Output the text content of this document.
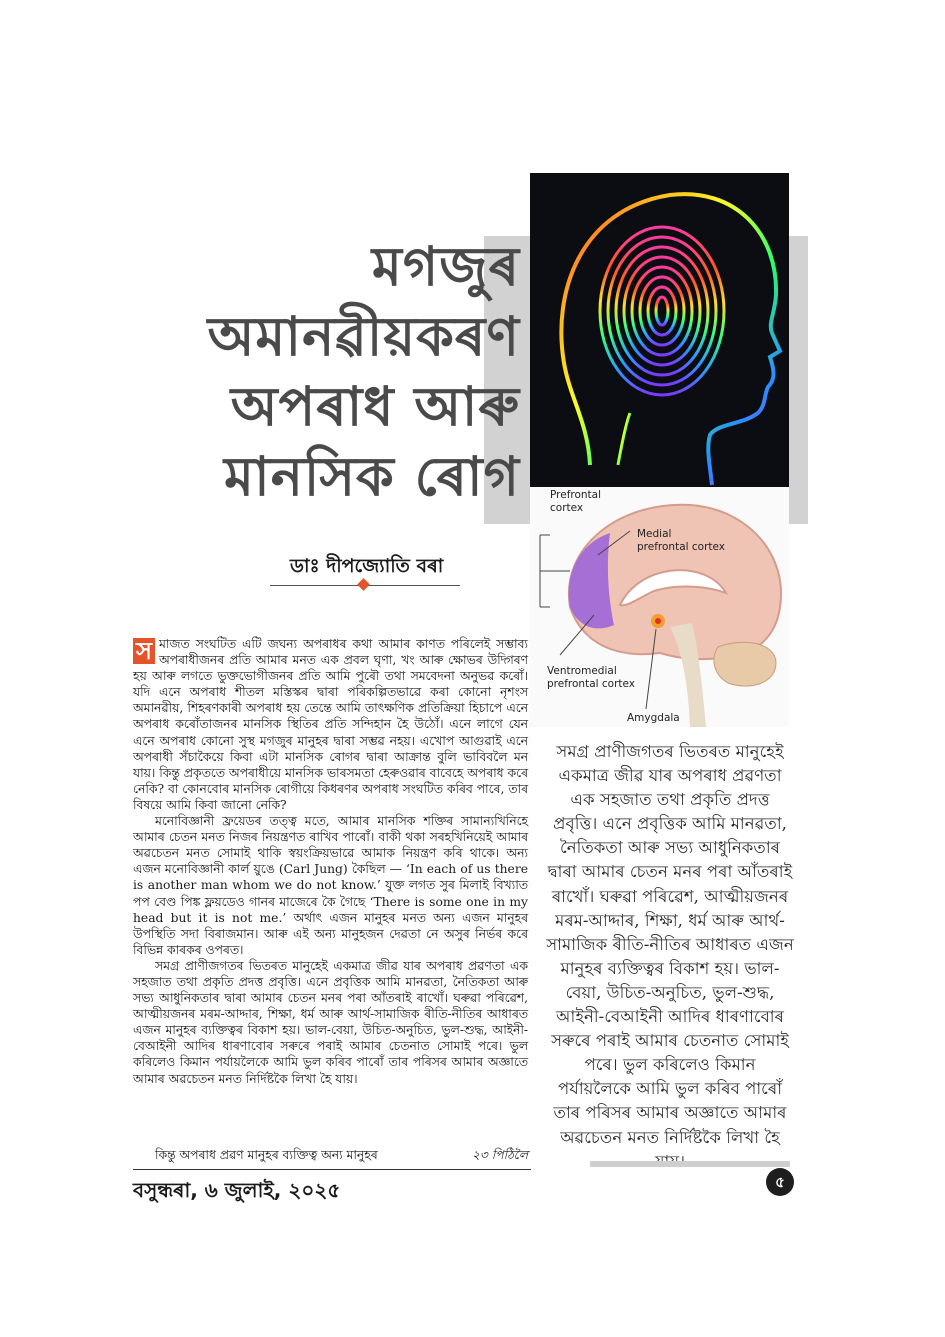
Prefrontal
cortex
Medial
prefrontal cortex
Ventromedial
prefrontal cortex
Amygdala
মগজুৰ
অমানৱীয়কৰণ
অপৰাধ আৰু
মানসিক ৰোগ
ডাঃ দীপজ্যোতি বৰা

স মাজত সংঘটিত এটি জঘন্য অপৰাধৰ কথা আমাৰ কাণত পৰিলেই সম্ভাব্য অপৰাধীজনৰ প্ৰতি আমাৰ মনত এক প্ৰবল ঘৃণা, খং আৰু ক্ষোভৰ উদ্গিৰণ হয় আৰু লগতে ভুক্তভোগীজনৰ প্ৰতি আমি পুৰৌ তথা সমবেদনা অনুভৱ কৰোঁ। যদি এনে অপৰাধ শীতল মস্তিস্কৰ দ্বাৰা পৰিকল্পিতভাৱে কৰা কোনো নৃশংস অমানৱীয়, শিহৰণকাৰী অপৰাধ হয় তেন্তে আমি তাৎক্ষণিক প্ৰতিক্ৰিয়া হিচাপে এনে অপৰাধ কৰোঁতাজনৰ মানসিক স্থিতিৰ প্ৰতি সন্দিহান হৈ উঠোঁ। এনে লাগে যেন এনে অপৰাধ কোনো সুস্থ মগজুৰ মানুহৰ দ্বাৰা সম্ভৱ নহয়। এখোপ আগুৱাই এনে অপৰাধী সঁচাকৈয়ে কিবা এটা মানসিক ৰোগৰ দ্বাৰা আক্ৰান্ত বুলি ভাবিবলৈ মন যায়। কিন্তু প্ৰকৃততে অপৰাধীয়ে মানসিক ভাৰসমতা হেৰুওৱাৰ বাবেহে অপৰাধ কৰে নেকি? বা কোনবোৰ মানসিক ৰোগীয়ে কিধৰণৰ অপৰাধ সংঘটিত কৰিব পাৰে, তাৰ বিষয়ে আমি কিবা জানো নেকি?

মনোবিজ্ঞানী ফ্ৰয়েডৰ তত্ত্ব মতে, আমাৰ মানসিক শক্তিৰ সামান্যখিনিহে আমাৰ চেতন মনত নিজৰ নিয়ন্ত্ৰণত ৰাখিব পাৰোঁ। বাকী থকা সৰহখিনিয়েই আমাৰ অৱচেতন মনত সোমাই থাকি স্বয়ংক্ৰিয়ভাৱে আমাক নিয়ন্ত্ৰণ কৰি থাকে। অন্য এজন মনোবিজ্ঞানী কাৰ্ল য়ুঙে (Carl Jung) কৈছিল — ‘In each of us there is another man whom we do not know.’ যুক্ত লগত সুৰ মিলাই বিখ্যাত পপ বেণ্ড পিঙ্ক ফ্লয়ডেও গানৰ মাজেৰে কৈ গৈছে ‘There is some one in my head but it is not me.’ অৰ্থাৎ এজন মানুহৰ মনত অন্য এজন মানুহৰ উপস্থিতি সদা বিৰাজমান। আৰু এই অন্য মানুহজন দেৱতা নে অসুৰ নিৰ্ভৰ কৰে বিভিন্ন কাৰকৰ ওপৰত।

সমগ্ৰ প্ৰাণীজগতৰ ভিতৰত মানুহেই একমাত্ৰ জীৱ যাৰ অপৰাধ প্ৰৱণতা এক সহজাত তথা প্ৰকৃতি প্ৰদত্ত প্ৰবৃত্তি। এনে প্ৰবৃত্তিক আমি মানৱতা, নৈতিকতা আৰু সভ্য আধুনিকতাৰ দ্বাৰা আমাৰ চেতন মনৰ পৰা আঁতৰাই ৰাখোঁ। ঘৰুৱা পৰিৱেশ, আত্মীয়জনৰ মৰম-আদ্দাৰ, শিক্ষা, ধৰ্ম আৰু আৰ্থ-সামাজিক ৰীতি-নীতিৰ আধাৰত এজন মানুহৰ ব্যক্তিত্বৰ বিকাশ হয়। ভাল-বেয়া, উচিত-অনুচিত, ভুল-শুদ্ধ, আইনী-বেআইনী আদিৰ ধাৰণাবোৰ সৰুৰে পৰাই আমাৰ চেতনাত সোমাই পৰে। ভুল কৰিলেও কিমান পৰ্যায়লৈকে আমি ভুল কৰিব পাৰোঁ তাৰ পৰিসৰ আমাৰ অজ্ঞাতে আমাৰ অৱচেতন মনত নিৰ্দিষ্টকৈ লিখা হৈ যায়।

কিন্তু অপৰাধ প্ৰৱণ মানুহৰ ব্যক্তিত্ব অন্য মানুহৰ	২৩ পিঠিলৈ
সমগ্ৰ প্ৰাণীজগতৰ ভিতৰত মানুহেই একমাত্ৰ জীৱ যাৰ অপৰাধ প্ৰৱণতা এক সহজাত তথা প্ৰকৃতি প্ৰদত্ত প্ৰবৃত্তি। এনে প্ৰবৃত্তিক আমি মানৱতা, নৈতিকতা আৰু সভ্য আধুনিকতাৰ দ্বাৰা আমাৰ চেতন মনৰ পৰা আঁতৰাই ৰাখোঁ। ঘৰুৱা পৰিৱেশ, আত্মীয়জনৰ মৰম-আদ্দাৰ, শিক্ষা, ধৰ্ম আৰু আৰ্থ-সামাজিক ৰীতি-নীতিৰ আধাৰত এজন মানুহৰ ব্যক্তিত্বৰ বিকাশ হয়। ভাল-বেয়া, উচিত-অনুচিত, ভুল-শুদ্ধ, আইনী-বেআইনী আদিৰ ধাৰণাবোৰ সৰুৰে পৰাই আমাৰ চেতনাত সোমাই পৰে। ভুল কৰিলেও কিমান পৰ্যায়লৈকে আমি ভুল কৰিব পাৰোঁ তাৰ পৰিসৰ আমাৰ অজ্ঞাতে আমাৰ অৱচেতন মনত নিৰ্দিষ্টকৈ লিখা হৈ
বসুন্ধৰা, ৬ জুলাই, ২০২৫	৫
